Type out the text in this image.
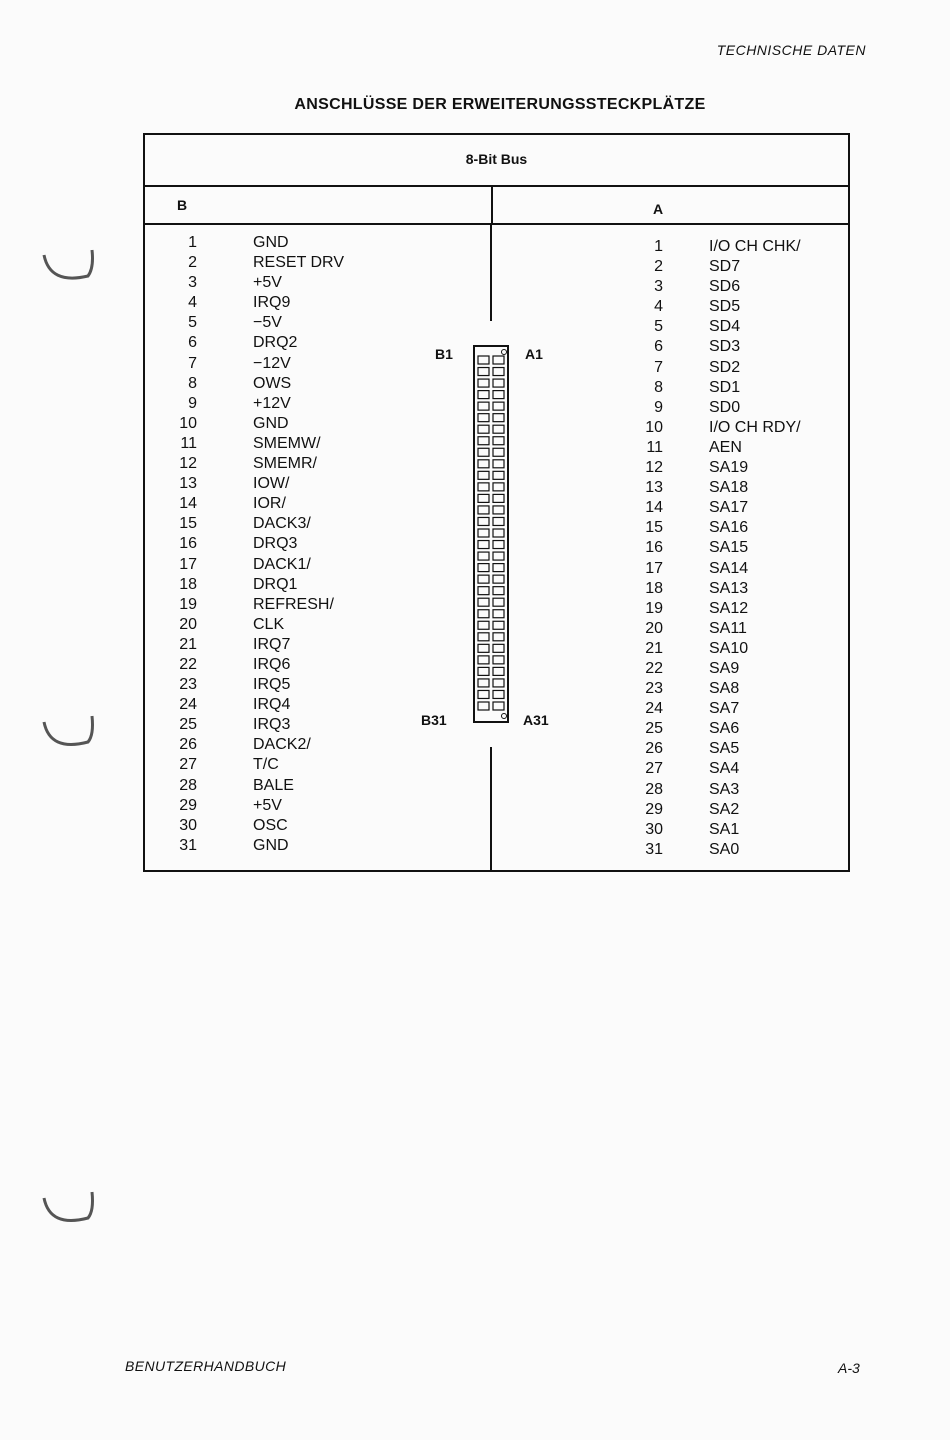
TECHNISCHE DATEN
ANSCHLÜSSE DER ERWEITERUNGSSTECKPLÄTZE
8-Bit Bus
B	A
1	GND
2	RESET DRV
3	+5V
4	IRQ9
5	−5V
6	DRQ2
7	−12V
8	OWS
9	+12V
10	GND
11	SMEMW/
12	SMEMR/
13	IOW/
14	IOR/
15	DACK3/
16	DRQ3
17	DACK1/
18	DRQ1
19	REFRESH/
20	CLK
21	IRQ7
22	IRQ6
23	IRQ5
24	IRQ4
25	IRQ3
26	DACK2/
27	T/C
28	BALE
29	+5V
30	OSC
31	GND
1	I/O CH CHK/
2	SD7
3	SD6
4	SD5
5	SD4
6	SD3
7	SD2
8	SD1
9	SD0
10	I/O CH RDY/
11	AEN
12	SA19
13	SA18
14	SA17
15	SA16
16	SA15
17	SA14
18	SA13
19	SA12
20	SA11
21	SA10
22	SA9
23	SA8
24	SA7
25	SA6
26	SA5
27	SA4
28	SA3
29	SA2
30	SA1
31	SA0
B1	A1
B31	A31
BENUTZERHANDBUCH	A-3
